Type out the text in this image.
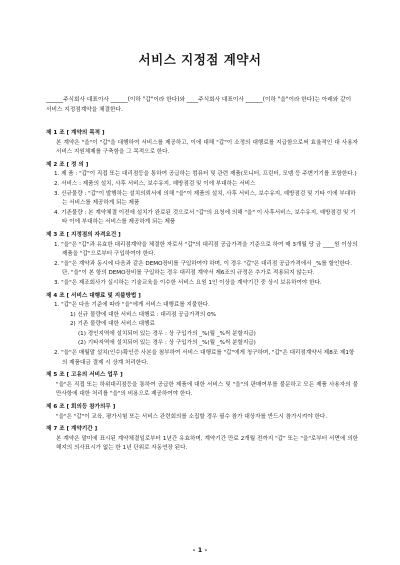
서비스 지정점 계약서
______주식회사 대표이사 ______(이하 "갑"이라 한다)와 ____주식회사 대표이사 ______(이하 "을"이라 한다)는 아래와 같이 서비스 지정점계약을 체결한다.
제 1 조 [ 계약의 목적 ]
본 계약은 "을"이 "갑"을 대행하여 서비스를 제공하고, 이에 대해 "갑"이 소정의 대행료를 지급함으로써 효율적인 대 사용자 서비스 지원체제를 구축함을 그 목적으로 한다.
제 2 조 [ 정 의 ]
1. 제 품 : "갑"이 직접 또는 대리점등을 통하여 공급하는 컴퓨터 및 관련 제품(모니터, 프린터, 모뎀 등 주변기기를 포함한다.)
2. 서비스 : 제품의 설치, 사후 서비스, 보수유지, 예방점검 및 이에 부대하는 서비스
3. 신규물량 : "갑"이 발행하는 설치의뢰서에 의해 "을"이 제품의 설치, 사후 서비스, 보수유지, 예방점검 및 기타 이에 부대하는 서비스를 제공하게 되는 제품
4. 기존물량 : 본 계약체결 이전에 설치가 완료된 것으로서 "갑"의 요청에 의해 "을" 이 사후서비스, 보수유지, 예방점검 및 기타 이에 부대하는 서비스를 제공하게 되는 제품
제 3 조 [ 지정점의 자격요건 ]
1. "을"은 "갑"과 유효한 대리점계약을 체결한 자로서 "갑"의 대리점 공급가격을 기준으로 하여 매 3개월 당 금 ____원 이상의 제품을 "갑"으로부터 구입하여야 한다.
2. "을"은 계약과 동시에 다음과 같은 DEMO장비를 구입하여야 하며, 이 경우 "갑"은 대리점 공급가격에서 _%를 할인한다. 단, "을"이 본 항의 DEMO장비를 구입하는 경우 대리점 계약서 제6조의 규정은 추가로 적용되지 않는다.
3. "을"은 제조회사가 실시하는 기술교육을 이수한 서비스 요원 1인 이상을 계약기간 중 상시 보유하여야 한다.
제 4 조 [ 서비스 대행료 및 지불방법 ]
1. "갑"은 다음 기준에 따라 "을"에게 서비스 대행료를 지불한다.
1) 신규 물량에 대한 서비스 대행료 : 대리점 공급가격의 0%
2) 기존 물량에 대한 서비스 대행료
(1) 경인지역에 설치되어 있는 경우 : 상 구입가의 _%(월 _%씩 분할지급)
(2) 기타지역에 설치되어 있는 경우 : 상 구입가의 _%(월 _%씩 분할지급)
2. "을"은 매월말 설치(인수)확인증 사본을 첨부하여 서비스 대행료를 "갑"에게 청구하며, "갑"은 대리점계약서 제8조 제1항의 제품대금 결제 시 상계 처리한다.
제 5 조 [ 고유의 서비스 업무 ]
"을"은 직접 또는 하위대리점등을 통하여 공급한 제품에 대한 서비스 및 "을"의 판매여부를 불문하고 모든 제품 사용자의 불만사항에 대한 처리를 "을"의 비용으로 제공하여야 한다.
제 6 조 [ 회의등 참가의무 ]
"을"은 "갑"이 교육, 평가시험 또는 서비스 관련회의를 소집할 경우 필수 참가 대상자를 반드시 참가시켜야 한다.
제 7 조 [ 계약기간 ]
본 계약은 말미에 표시된 계약체결일로부터 1년간 유효하며, 계약기간 만료 2개월 전까지 "갑" 또는 "을"로부터 서면에 의한 해지의 의사표시가 없는 한 1년 단위로 자동연장 된다.
- 1 -
